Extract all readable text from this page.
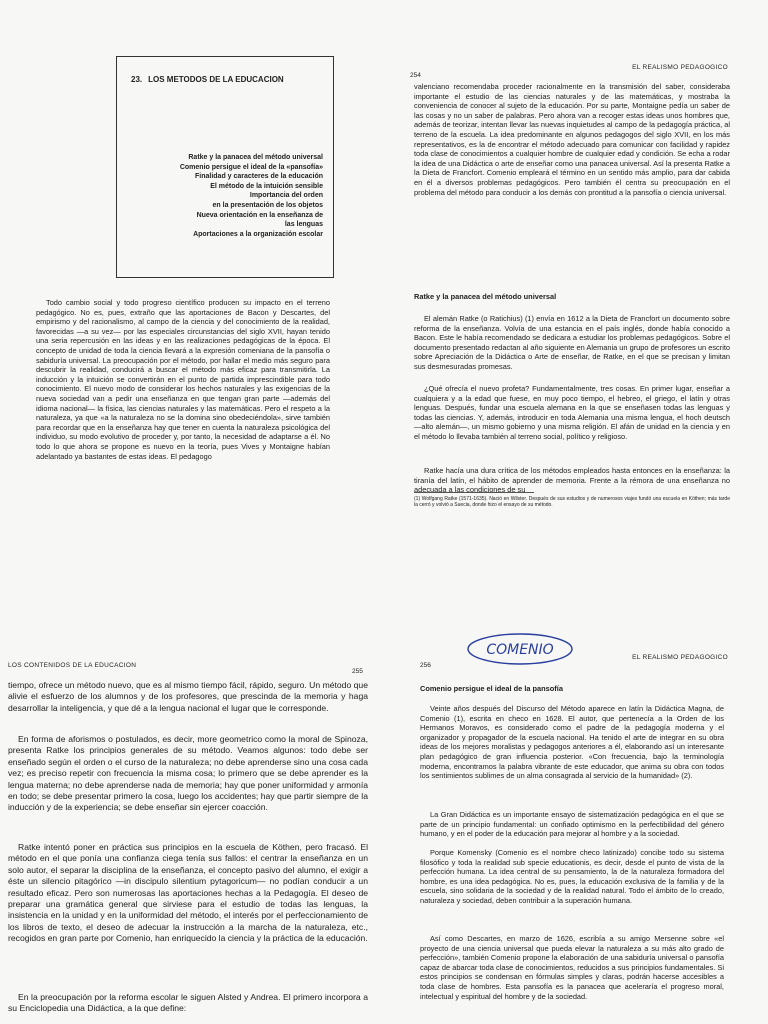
23. LOS METODOS DE LA EDUCACION
Ratke y la panacea del método universal
Comenio persigue el ideal de la «pansofía»
Finalidad y caracteres de la educación
El método de la intuición sensible
Importancia del orden
en la presentación de los objetos
Nueva orientación en la enseñanza de
las lenguas
Aportaciones a la organización escolar

Todo cambio social y todo progreso científico producen su impacto en el terreno pedagógico. No es, pues, extraño que las aportaciones de Bacon y Descartes, del empirismo y del racionalismo, al campo de la ciencia y del conocimiento de la realidad, favorecidas —a su vez— por las especiales circunstancias del siglo XVII, hayan tenido una seria repercusión en las ideas y en las realizaciones pedagógicas de la época. El concepto de unidad de toda la ciencia llevará a la expresión comeniana de la pansofía o sabiduría universal. La preocupación por el método, por hallar el medio más seguro para descubrir la realidad, conducirá a buscar el método más eficaz para transmitirla. La inducción y la intuición se convertirán en el punto de partida imprescindible para todo conocimiento. El nuevo modo de considerar los hechos naturales y las exigencias de la nueva sociedad van a pedir una enseñanza en que tengan gran parte —además del idioma nacional— la física, las ciencias naturales y las matemáticas. Pero el respeto a la naturaleza, ya que «a la naturaleza no se la domina sino obedeciéndola», sirve también para recordar que en la enseñanza hay que tener en cuenta la naturaleza psicológica del individuo, su modo evolutivo de proceder y, por tanto, la necesidad de adaptarse a él. No todo lo que ahora se propone es nuevo en la teoría, pues Vives y Montaigne habían adelantado ya bastantes de estas ideas. El pedagogo

254
EL REALISMO PEDAGOGICO

valenciano recomendaba proceder racionalmente en la transmisión del saber, consideraba importante el estudio de las ciencias naturales y de las matemáticas, y mostraba la conveniencia de conocer al sujeto de la educación. Por su parte, Montaigne pedía un saber de las cosas y no un saber de palabras. Pero ahora van a recoger estas ideas unos hombres que, además de teorizar, intentan llevar las nuevas inquietudes al campo de la pedagogía práctica, al terreno de la escuela. La idea predominante en algunos pedagogos del siglo XVII, en los más representativos, es la de encontrar el método adecuado para comunicar con facilidad y rapidez toda clase de conocimientos a cualquier hombre de cualquier edad y condición. Se echa a rodar la idea de una Didáctica o arte de enseñar como una panacea universal. Así la presenta Ratke a la Dieta de Francfort. Comenio empleará el término en un sentido más amplio, para dar cabida en él a diversos problemas pedagógicos. Pero también él centra su preocupación en el problema del método para conducir a los demás con prontitud a la pansofía o ciencia universal.

Ratke y la panacea del método universal

El alemán Ratke (o Ratichius) (1) envía en 1612 a la Dieta de Francfort un documento sobre reforma de la enseñanza. Volvía de una estancia en el país inglés, donde había conocido a Bacon. Este le había recomendado se dedicara a estudiar los problemas pedagógicos. Sobre el documento presentado redactan al año siguiente en Alemania un grupo de profesores un escrito sobre Apreciación de la Didáctica o Arte de enseñar, de Ratke, en el que se precisan y limitan sus desmesuradas promesas.

¿Qué ofrecía el nuevo profeta? Fundamentalmente, tres cosas. En primer lugar, enseñar a cualquiera y a la edad que fuese, en muy poco tiempo, el hebreo, el griego, el latín y otras lenguas. Después, fundar una escuela alemana en la que se enseñasen todas las lenguas y todas las ciencias. Y, además, introducir en toda Alemania una misma lengua, el hoch deutsch —alto alemán—, un mismo gobierno y una misma religión. El afán de unidad en la ciencia y en el método lo llevaba también al terreno social, político y religioso.

Ratke hacía una dura crítica de los métodos empleados hasta entonces en la enseñanza: la tiranía del latín, el hábito de aprender de memoria. Frente a la rémora de una enseñanza no adecuada a las condiciones de su

(1) Wolfgang Ratke (1571-1635). Nació en Wilster. Después de sus estudios y de numerosos viajes fundó una escuela en Köthen; más tarde la cerró y volvió a Suecia, donde hizo el ensayo de su método.
LOS CONTENIDOS DE LA EDUCACION
255

tiempo, ofrece un método nuevo, que es al mismo tiempo fácil, rápido, seguro. Un método que alivie el esfuerzo de los alumnos y de los profesores, que prescinda de la memoria y haga desarrollar la inteligencia, y que dé a la lengua nacional el lugar que le corresponde.

En forma de aforismos o postulados, es decir, more geometrico como la moral de Spinoza, presenta Ratke los principios generales de su método. Veamos algunos: todo debe ser enseñado según el orden o el curso de la naturaleza; no debe aprenderse sino una cosa cada vez; es preciso repetir con frecuencia la misma cosa; lo primero que se debe aprender es la lengua materna; no debe aprenderse nada de memoria; hay que poner uniformidad y armonía en todo; se debe presentar primero la cosa, luego los accidentes; hay que partir siempre de la inducción y de la experiencia; se debe enseñar sin ejercer coacción.

Ratke intentó poner en práctica sus principios en la escuela de Köthen, pero fracasó. El método en el que ponía una confianza ciega tenía sus fallos: el centrar la enseñanza en un solo autor, el separar la disciplina de la enseñanza, el concepto pasivo del alumno, el exigir a éste un silencio pitagórico —in discipulo silentium pytagoricum— no podían conducir a un resultado eficaz. Pero son numerosas las aportaciones hechas a la Pedagogía. El deseo de preparar una gramática general que sirviese para el estudio de todas las lenguas, la insistencia en la unidad y en la uniformidad del método, el interés por el perfeccionamiento de los libros de texto, el deseo de adecuar la instrucción a la marcha de la naturaleza, etc., recogidos en gran parte por Comenio, han enriquecido la ciencia y la práctica de la educación.

En la preocupación por la reforma escolar le siguen Alsted y Andrea. El primero incorpora a su Enciclopedia una Didáctica, a la que define:

COMENIO
256
EL REALISMO PEDAGOGICO
Comenio persigue el ideal de la pansofía

Veinte años después del Discurso del Método aparece en latín la Didáctica Magna, de Comenio (1), escrita en checo en 1628. El autor, que pertenecía a la Orden de los Hermanos Moravos, es considerado como el padre de la pedagogía moderna y el organizador y propagador de la escuela nacional. Ha tenido el arte de integrar en su obra ideas de los mejores moralistas y pedagogos anteriores a él, elaborando así un interesante plan pedagógico de gran influencia posterior. «Con frecuencia, bajo la terminología moderna, encontramos la palabra vibrante de este educador, que anima su obra con todos los sentimientos sublimes de un alma consagrada al servicio de la humanidad» (2).

La Gran Didáctica es un importante ensayo de sistematización pedagógica en el que se parte de un principio fundamental: un confiado optimismo en la perfectibilidad del género humano, y en el poder de la educación para mejorar al hombre y a la sociedad.

Porque Komensky (Comenio es el nombre checo latinizado) concibe todo su sistema filosófico y toda la realidad sub specie educationis, es decir, desde el punto de vista de la perfección humana. La idea central de su pensamiento, la de la naturaleza formadora del hombre, es una idea pedagógica. No es, pues, la educación exclusiva de la familia y de la escuela, sino solidaria de la sociedad y de la realidad natural. Todo el ámbito de lo creado, naturaleza y sociedad, deben contribuir a la superación humana.

Así como Descartes, en marzo de 1626, escribía a su amigo Mersenne sobre «el proyecto de una ciencia universal que pueda elevar la naturaleza a su más alto grado de perfección», también Comenio propone la elaboración de una sabiduría universal o pansofía capaz de abarcar toda clase de conocimientos, reducidos a sus principios fundamentales. Si estos principios se condensan en fórmulas simples y claras, podrán hacerse accesibles a toda clase de hombres. Esta pansofía es la panacea que aceleraría el progreso moral, intelectual y espiritual del hombre y de la sociedad.
